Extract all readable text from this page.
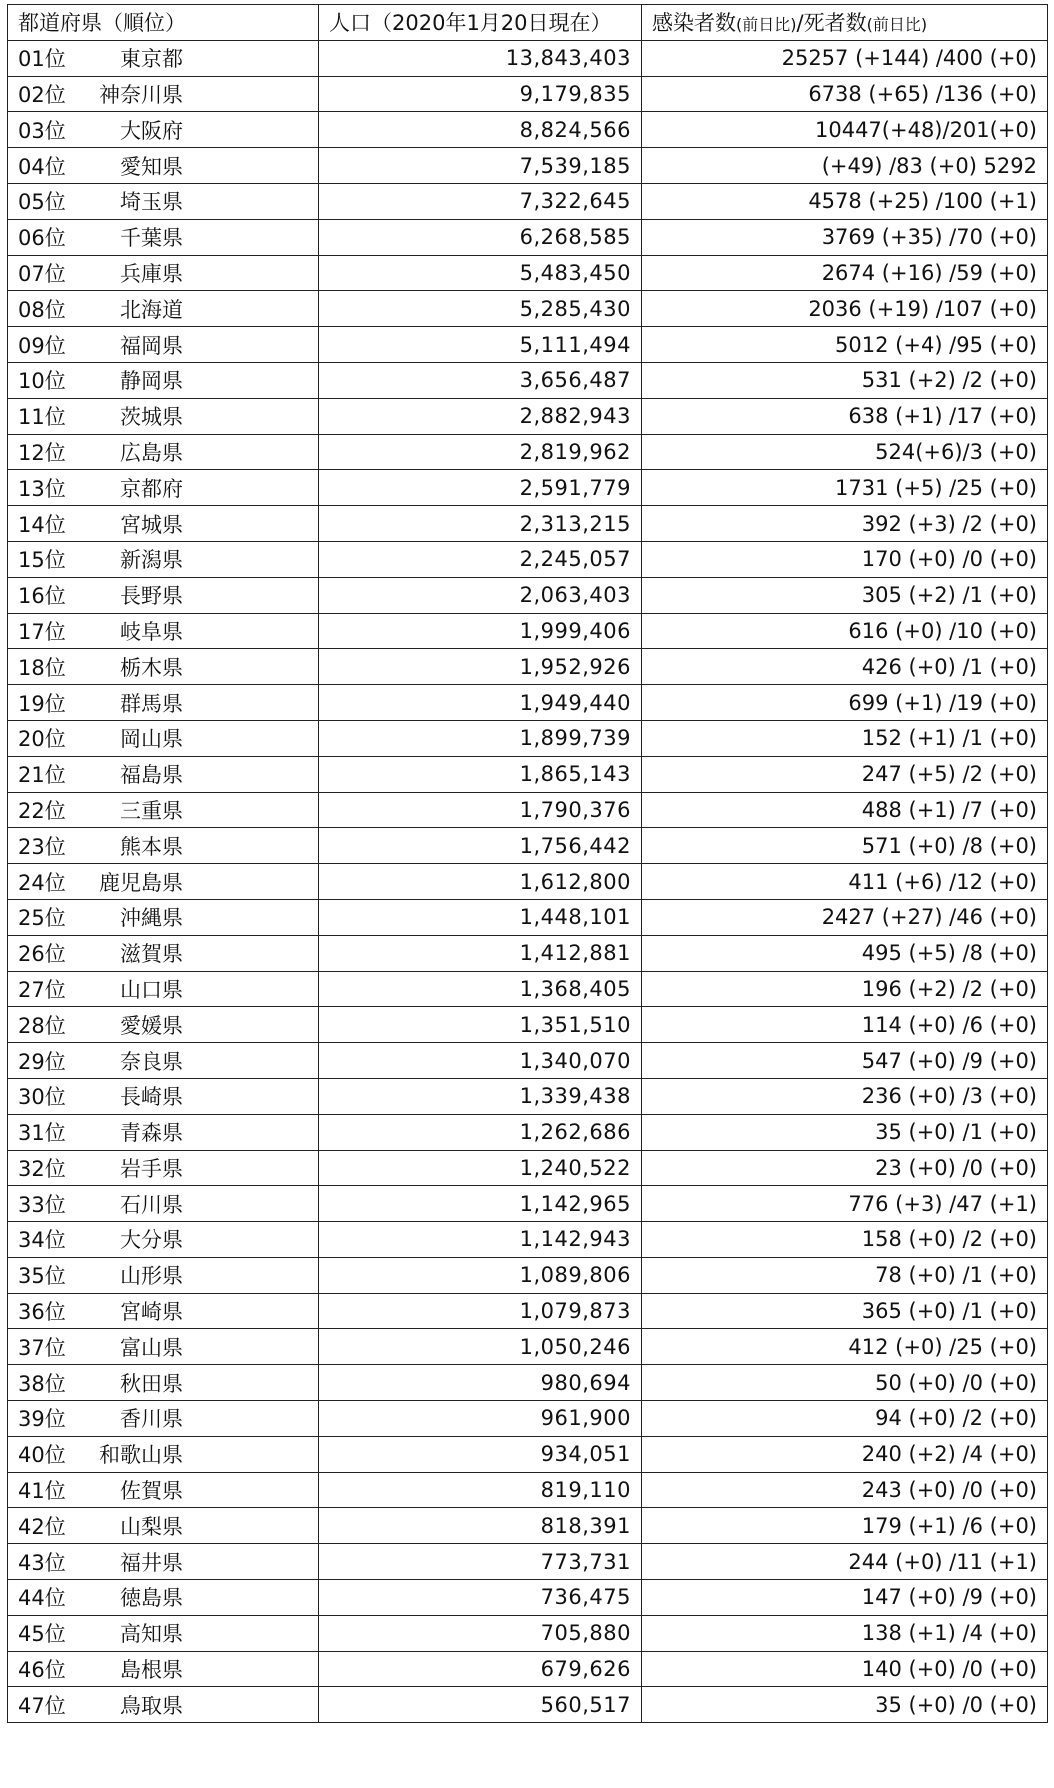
都道府県（順位）	人口（2020年1月20日現在）	感染者数(前日比)/死者数(前日比)
01位 東京都	13,843,403	25257 (+144) /400 (+0)
02位 神奈川県	9,179,835	6738 (+65) /136 (+0)
03位 大阪府	8,824,566	10447(+48)/201(+0)
04位 愛知県	7,539,185	(+49) /83 (+0) 5292
05位 埼玉県	7,322,645	4578 (+25) /100 (+1)
06位 千葉県	6,268,585	3769 (+35) /70 (+0)
07位 兵庫県	5,483,450	2674 (+16) /59 (+0)
08位 北海道	5,285,430	2036 (+19) /107 (+0)
09位 福岡県	5,111,494	5012 (+4) /95 (+0)
10位 静岡県	3,656,487	531 (+2) /2 (+0)
11位 茨城県	2,882,943	638 (+1) /17 (+0)
12位 広島県	2,819,962	524(+6)/3 (+0)
13位 京都府	2,591,779	1731 (+5) /25 (+0)
14位 宮城県	2,313,215	392 (+3) /2 (+0)
15位 新潟県	2,245,057	170 (+0) /0 (+0)
16位 長野県	2,063,403	305 (+2) /1 (+0)
17位 岐阜県	1,999,406	616 (+0) /10 (+0)
18位 栃木県	1,952,926	426 (+0) /1 (+0)
19位 群馬県	1,949,440	699 (+1) /19 (+0)
20位 岡山県	1,899,739	152 (+1) /1 (+0)
21位 福島県	1,865,143	247 (+5) /2 (+0)
22位 三重県	1,790,376	488 (+1) /7 (+0)
23位 熊本県	1,756,442	571 (+0) /8 (+0)
24位 鹿児島県	1,612,800	411 (+6) /12 (+0)
25位 沖縄県	1,448,101	2427 (+27) /46 (+0)
26位 滋賀県	1,412,881	495 (+5) /8 (+0)
27位 山口県	1,368,405	196 (+2) /2 (+0)
28位 愛媛県	1,351,510	114 (+0) /6 (+0)
29位 奈良県	1,340,070	547 (+0) /9 (+0)
30位 長崎県	1,339,438	236 (+0) /3 (+0)
31位 青森県	1,262,686	35 (+0) /1 (+0)
32位 岩手県	1,240,522	23 (+0) /0 (+0)
33位 石川県	1,142,965	776 (+3) /47 (+1)
34位 大分県	1,142,943	158 (+0) /2 (+0)
35位 山形県	1,089,806	78 (+0) /1 (+0)
36位 宮崎県	1,079,873	365 (+0) /1 (+0)
37位 富山県	1,050,246	412 (+0) /25 (+0)
38位 秋田県	980,694	50 (+0) /0 (+0)
39位 香川県	961,900	94 (+0) /2 (+0)
40位 和歌山県	934,051	240 (+2) /4 (+0)
41位 佐賀県	819,110	243 (+0) /0 (+0)
42位 山梨県	818,391	179 (+1) /6 (+0)
43位 福井県	773,731	244 (+0) /11 (+1)
44位 徳島県	736,475	147 (+0) /9 (+0)
45位 高知県	705,880	138 (+1) /4 (+0)
46位 島根県	679,626	140 (+0) /0 (+0)
47位 鳥取県	560,517	35 (+0) /0 (+0)
